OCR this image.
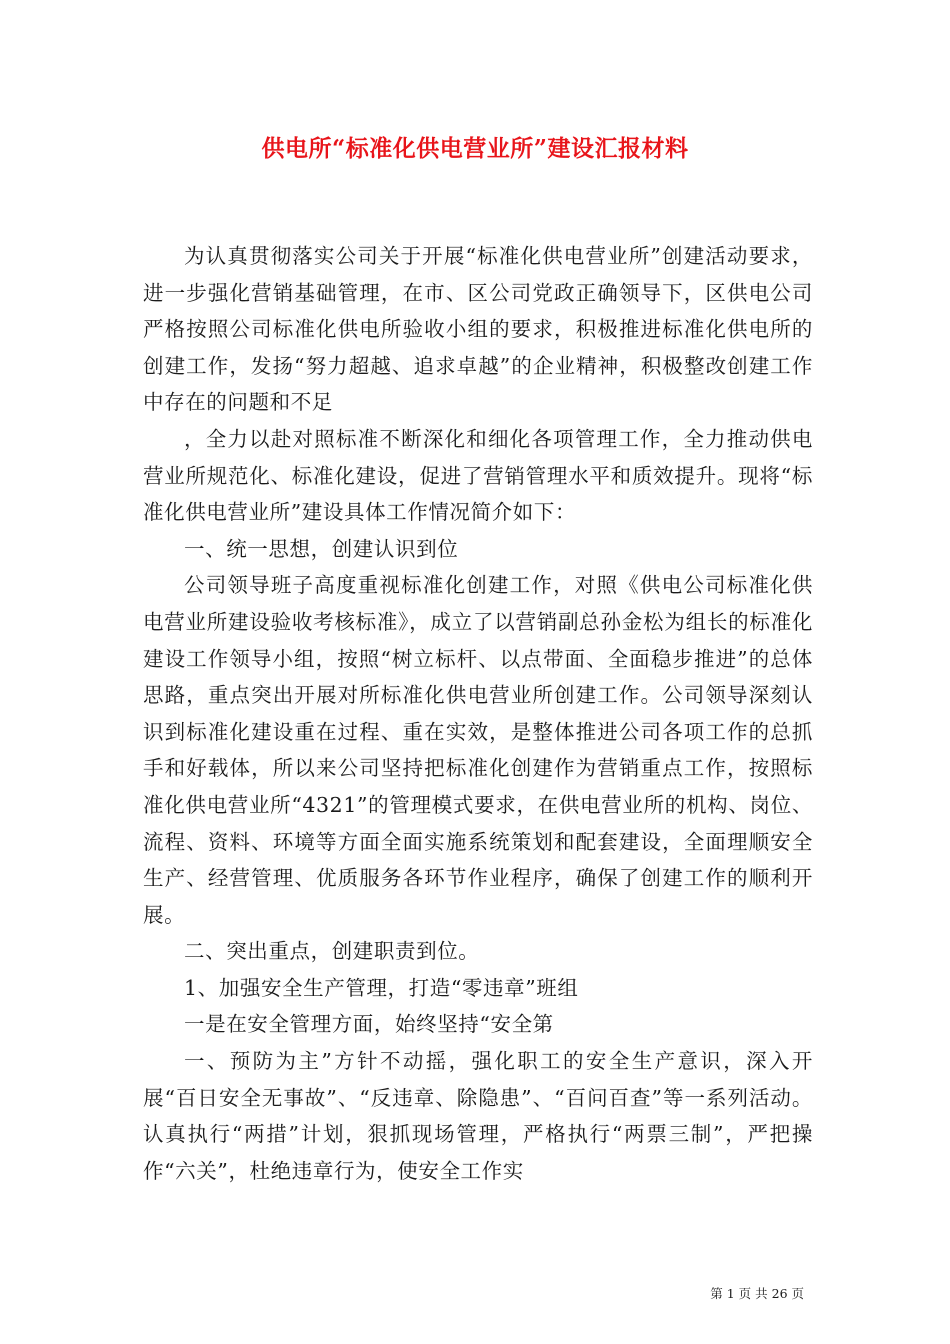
供电所“标准化供电营业所”建设汇报材料

为认真贯彻落实公司关于开展“标准化供电营业所”创建活动要求，进一步强化营销基础管理，在市、区公司党政正确领导下，区供电公司严格按照公司标准化供电所验收小组的要求，积极推进标准化供电所的创建工作，发扬“努力超越、追求卓越”的企业精神，积极整改创建工作中存在的问题和不足

，全力以赴对照标准不断深化和细化各项管理工作，全力推动供电营业所规范化、标准化建设，促进了营销管理水平和质效提升。现将“标准化供电营业所”建设具体工作情况简介如下：

一、统一思想，创建认识到位

公司领导班子高度重视标准化创建工作，对照《供电公司标准化供电营业所建设验收考核标准》，成立了以营销副总孙金松为组长的标准化建设工作领导小组，按照“树立标杆、以点带面、全面稳步推进”的总体思路，重点突出开展对所标准化供电营业所创建工作。公司领导深刻认识到标准化建设重在过程、重在实效，是整体推进公司各项工作的总抓手和好载体，所以来公司坚持把标准化创建作为营销重点工作，按照标准化供电营业所“4321”的管理模式要求，在供电营业所的机构、岗位、流程、资料、环境等方面全面实施系统策划和配套建设，全面理顺安全生产、经营管理、优质服务各环节作业程序，确保了创建工作的顺利开展。

二、突出重点，创建职责到位。

1、加强安全生产管理，打造“零违章”班组

一是在安全管理方面，始终坚持“安全第

一、预防为主”方针不动摇，强化职工的安全生产意识，深入开展“百日安全无事故”、“反违章、除隐患”、“百问百查”等一系列活动。认真执行“两措”计划，狠抓现场管理，严格执行“两票三制”，严把操作“六关”，杜绝违章行为，使安全工作实

第 1 页 共 26 页
